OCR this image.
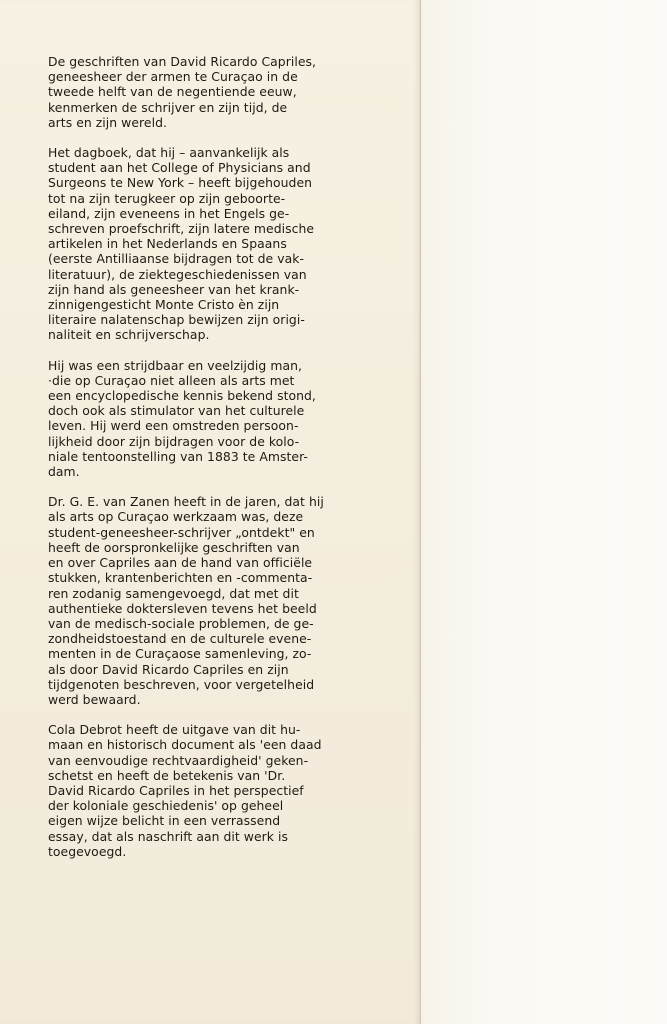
De geschriften van David Ricardo Capriles,
geneesheer der armen te Curaçao in de
tweede helft van de negentiende eeuw,
kenmerken de schrijver en zijn tijd, de
arts en zijn wereld.

Het dagboek, dat hij – aanvankelijk als
student aan het College of Physicians and
Surgeons te New York – heeft bijgehouden
tot na zijn terugkeer op zijn geboorte-
eiland, zijn eveneens in het Engels ge-
schreven proefschrift, zijn latere medische
artikelen in het Nederlands en Spaans
(eerste Antilliaanse bijdragen tot de vak-
literatuur), de ziektegeschiedenissen van
zijn hand als geneesheer van het krank-
zinnigengesticht Monte Cristo èn zijn
literaire nalatenschap bewijzen zijn origi-
naliteit en schrijverschap.

Hij was een strijdbaar en veelzijdig man,
·die op Curaçao niet alleen als arts met
een encyclopedische kennis bekend stond,
doch ook als stimulator van het culturele
leven. Hij werd een omstreden persoon-
lijkheid door zijn bijdragen voor de kolo-
niale tentoonstelling van 1883 te Amster-
dam.

Dr. G. E. van Zanen heeft in de jaren, dat hij
als arts op Curaçao werkzaam was, deze
student-geneesheer-schrijver „ontdekt" en
heeft de oorspronkelijke geschriften van
en over Capriles aan de hand van officiële
stukken, krantenberichten en -commenta-
ren zodanig samengevoegd, dat met dit
authentieke doktersleven tevens het beeld
van de medisch-sociale problemen, de ge-
zondheidstoestand en de culturele evene-
menten in de Curaçaose samenleving, zo-
als door David Ricardo Capriles en zijn
tijdgenoten beschreven, voor vergetelheid
werd bewaard.

Cola Debrot heeft de uitgave van dit hu-
maan en historisch document als 'een daad
van eenvoudige rechtvaardigheid' geken-
schetst en heeft de betekenis van 'Dr.
David Ricardo Capriles in het perspectief
der koloniale geschiedenis' op geheel
eigen wijze belicht in een verrassend
essay, dat als naschrift aan dit werk is
toegevoegd.
